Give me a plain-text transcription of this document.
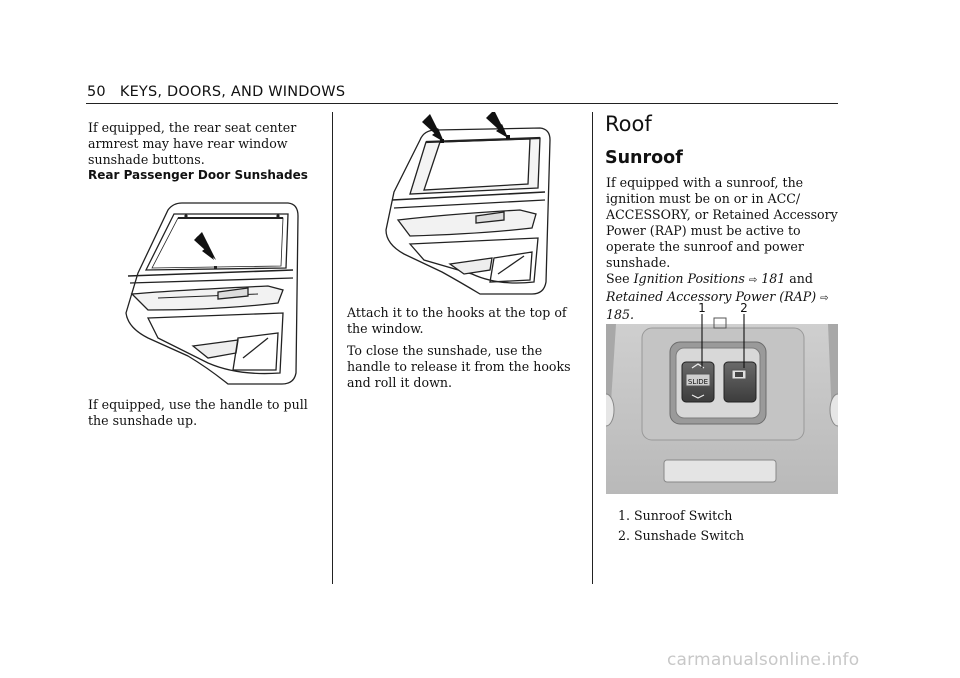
50 KEYS, DOORS, AND WINDOWS
If equipped, the rear seat center armrest may have rear window sunshade buttons.
Rear Passenger Door Sunshades
If equipped, use the handle to pull the sunshade up.
Attach it to the hooks at the top of the window.
To close the sunshade, use the handle to release it from the hooks and roll it down.
Roof
Sunroof

If equipped with a sunroof, the ignition must be on or in ACC/ ACCESSORY, or Retained Accessory Power (RAP) must be active to operate the sunroof and power sunshade.

See Ignition Positions ⇨ 181 and

Retained Accessory Power (RAP) ⇨ 185.

SLIDE
1	2
1. Sunroof Switch
2. Sunshade Switch
carmanualsonline.info
